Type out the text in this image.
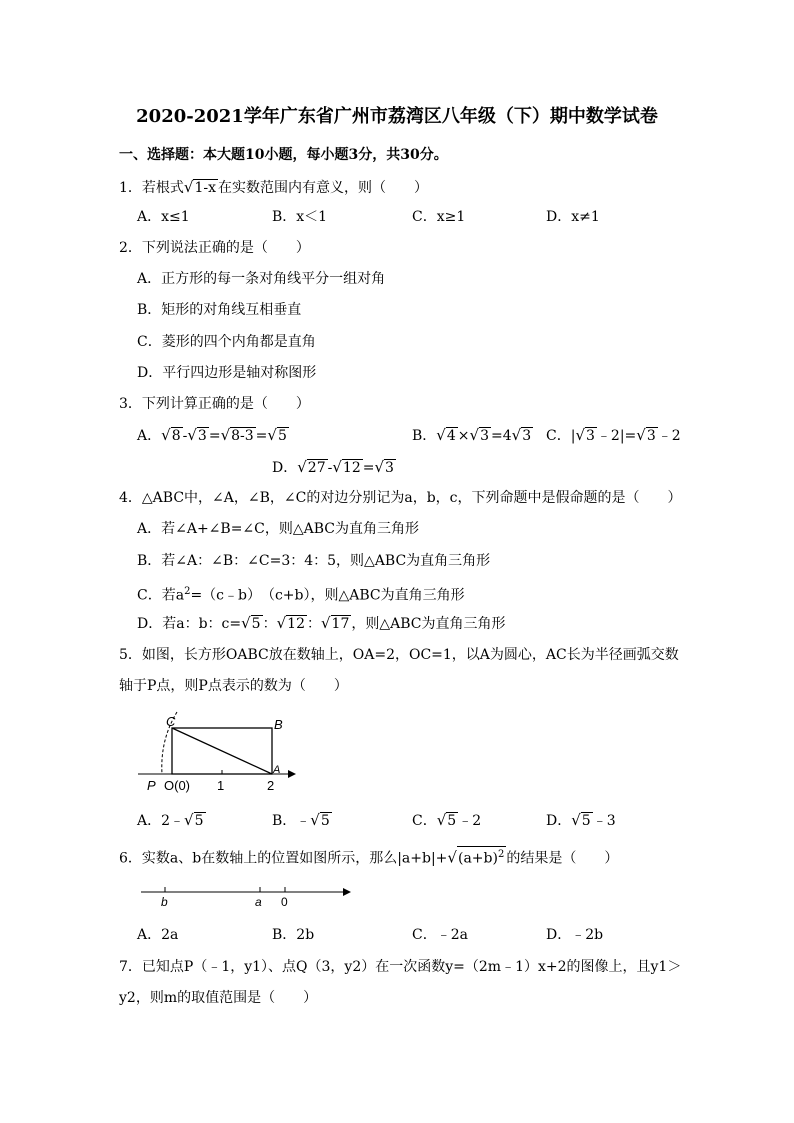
2020-2021学年广东省广州市荔湾区八年级（下）期中数学试卷
一、选择题：本大题10小题，每小题3分，共30分。
1．若根式√1-x 在实数范围内有意义，则（　　）
A．x≤1	B．x＜1	C．x≥1	D．x≠1
2．下列说法正确的是（　　）
A．正方形的每一条对角线平分一组对角
B．矩形的对角线互相垂直
C．菱形的四个内角都是直角
D．平行四边形是轴对称图形
3．下列计算正确的是（　　）
A．√8 -√3 =√8-3 =√5	B．√4 ×√3 =4√3 C．|√3 ﹣2|=√3 ﹣2
D．√27 -√12 =√3
4．△ABC中，∠A，∠B，∠C的对边分别记为a，b，c，下列命题中是假命题的是（　　）
A．若∠A+∠B=∠C，则△ABC为直角三角形
B．若∠A：∠B：∠C=3：4：5，则△ABC为直角三角形
C．若$a^2=(c﹣b)$　（c+b），则△ABC为直角三角形
D．若a：b：c=√5 ：√12 ：√17 ，则△ABC为直角三角形
5．如图，长方形OABC放在数轴上，OA=2，OC=1，以A为圆心，AC长为半径画弧交数
轴于P点，则P点表示的数为（　　）
C	B
A
P O(0) 1	2
A．2﹣√5	B．﹣√5	C．√5 ﹣2	D．√5 ﹣3
6．实数a、b在数轴上的位置如图所示，那么$|a+b|+√(a+b)^2$ 的结果是（　　）
b	a 0
A．2a	B．2b	C．﹣2a	D．﹣2b
7．已知点P（﹣1，y1）、点Q（3，y2）在一次函数y=（2m﹣1）x+2的图像上，且y1＞
y2，则m的取值范围是（　　）
